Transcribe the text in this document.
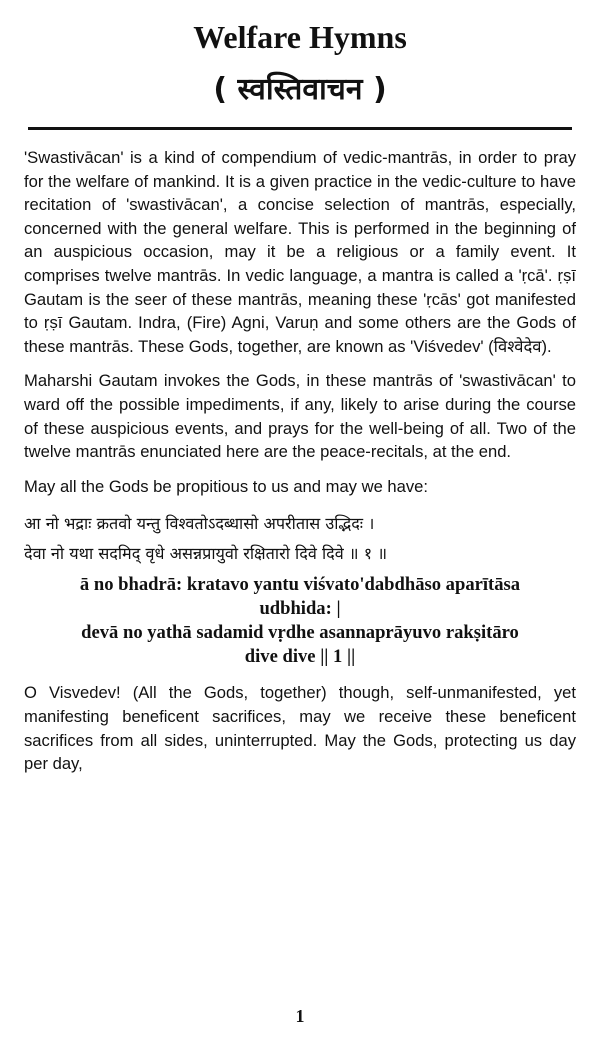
Welfare Hymns
( स्वस्तिवाचन )

'Swastivācan' is a kind of compendium of vedic-mantrās, in order to pray for the welfare of mankind. It is a given practice in the vedic-culture to have recitation of 'swastivācan', a concise selection of mantrās, especially, concerned with the general welfare. This is performed in the beginning of an auspicious occasion, may it be a religious or a family event. It comprises twelve mantrās. In vedic language, a mantra is called a 'ṛcā'. ṛṣī Gautam is the seer of these mantrās, meaning these 'ṛcās' got manifested to ṛṣī Gautam. Indra, (Fire) Agni, Varuṇ and some others are the Gods of these mantrās. These Gods, together, are known as 'Viśvedev' (विश्वेदेव).

Maharshi Gautam invokes the Gods, in these mantrās of 'swastivācan' to ward off the possible impediments, if any, likely to arise during the course of these auspicious events, and prays for the well-being of all. Two of the twelve mantrās enunciated here are the peace-recitals, at the end.

May all the Gods be propitious to us and may we have:

आ नो भद्राः क्रतवो यन्तु विश्वतोऽदब्धासो अपरीतास उद्भिदः ।
देवा नो यथा सदमिद् वृधे असन्नप्रायुवो रक्षितारो दिवे दिवे ॥ १ ॥
ā no bhadrā: kratavo yantu viśvato'dabdhāso aparītāsa
udbhida: |
devā no yathā sadamid vṛdhe asannaprāyuvo rakṣitāro
dive dive || 1 ||

O Visvedev! (All the Gods, together) though, self-unmanifested, yet manifesting beneficent sacrifices, may we receive these beneficent sacrifices from all sides, uninterrupted. May the Gods, protecting us day per day,

1
